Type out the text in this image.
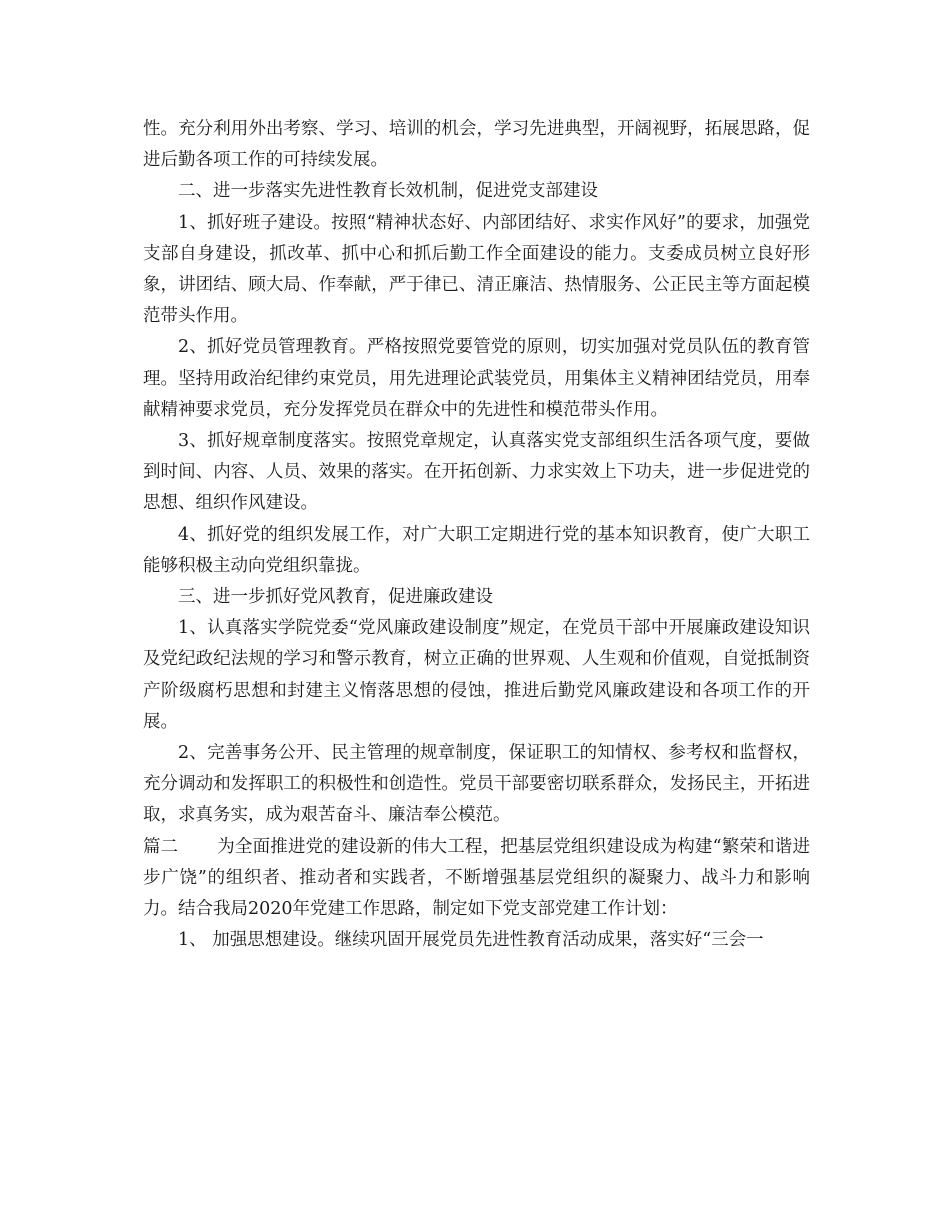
性。充分利用外出考察、学习、培训的机会，学习先进典型，开阔视野，拓展思路，促进后勤各项工作的可持续发展。

二、进一步落实先进性教育长效机制，促进党支部建设

1、抓好班子建设。按照“精神状态好、内部团结好、求实作风好”的要求，加强党支部自身建设，抓改革、抓中心和抓后勤工作全面建设的能力。支委成员树立良好形象，讲团结、顾大局、作奉献，严于律已、清正廉洁、热情服务、公正民主等方面起模范带头作用。

2、抓好党员管理教育。严格按照党要管党的原则，切实加强对党员队伍的教育管理。坚持用政治纪律约束党员，用先进理论武装党员，用集体主义精神团结党员，用奉献精神要求党员，充分发挥党员在群众中的先进性和模范带头作用。

3、抓好规章制度落实。按照党章规定，认真落实党支部组织生活各项气度，要做到时间、内容、人员、效果的落实。在开拓创新、力求实效上下功夫，进一步促进党的思想、组织作风建设。

4、抓好党的组织发展工作，对广大职工定期进行党的基本知识教育，使广大职工能够积极主动向党组织靠拢。

三、进一步抓好党风教育，促进廉政建设

1、认真落实学院党委“党风廉政建设制度”规定，在党员干部中开展廉政建设知识及党纪政纪法规的学习和警示教育，树立正确的世界观、人生观和价值观，自觉抵制资产阶级腐朽思想和封建主义惰落思想的侵蚀，推进后勤党风廉政建设和各项工作的开展。

2、完善事务公开、民主管理的规章制度，保证职工的知情权、参考权和监督权，充分调动和发挥职工的积极性和创造性。党员干部要密切联系群众，发扬民主，开拓进取，求真务实，成为艰苦奋斗、廉洁奉公模范。

篇二 为全面推进党的建设新的伟大工程，把基层党组织建设成为构建“繁荣和谐进步广饶”的组织者、推动者和实践者，不断增强基层党组织的凝聚力、战斗力和影响力。结合我局2020年党建工作思路，制定如下党支部党建工作计划：

1、 加强思想建设。继续巩固开展党员先进性教育活动成果，落实好“三会一
